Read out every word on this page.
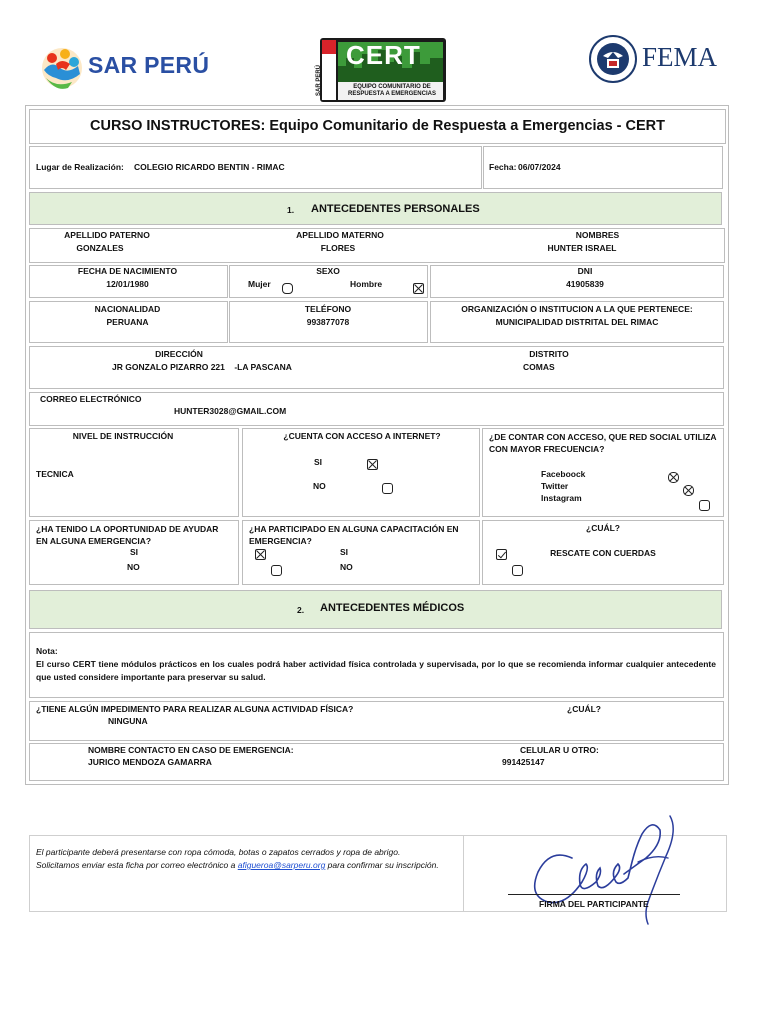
SAR PERÚ	CERT
EQUIPO COMUNITARIO DE
RESPUESTA A EMERGENCIAS
SAR PERÚ
FEMA
CURSO INSTRUCTORES: Equipo Comunitario de Respuesta a Emergencias - CERT
Lugar de Realización: COLEGIO RICARDO BENTIN - RIMAC	Fecha: 06/07/2024
1. ANTECEDENTES PERSONALES
APELLIDO PATERNO
GONZALES
APELLIDO MATERNO
FLORES
NOMBRES
HUNTER ISRAEL
FECHA DE NACIMIENTO
12/01/1980
SEXO
Mujer
	Hombre

DNI
41905839
NACIONALIDAD
PERUANA
TELÉFONO
993877078
ORGANIZACIÓN O INSTITUCION A LA QUE PERTENECE:
MUNICIPALIDAD DISTRITAL DEL RIMAC
DIRECCIÓN
JR GONZALO PIZARRO 221    -LA PASCANA
DISTRITO
COMAS
CORREO ELECTRÓNICO
HUNTER3028@GMAIL.COM
NIVEL DE INSTRUCCIÓN
TECNICA
¿CUENTA CON ACCESO A INTERNET?
SI

NO

¿DE CONTAR CON ACCESO, QUE RED SOCIAL UTILIZA
CON MAYOR FRECUENCIA?
Faceboock

Twitter

Instagram

¿HA TENIDO LA OPORTUNIDAD DE AYUDAR
EN ALGUNA EMERGENCIA?
SI

NO

¿HA PARTICIPADO EN ALGUNA CAPACITACIÓN EN
EMERGENCIA?
SI

NO
¿CUÁL?
RESCATE CON CUERDAS
2. ANTECEDENTES MÉDICOS
Nota:
El curso CERT tiene módulos prácticos en los cuales podrá haber actividad física controlada y supervisada, por lo que se recomienda informar cualquier antecedente que usted considere importante para preservar su salud.
¿TIENE ALGÚN IMPEDIMENTO PARA REALIZAR ALGUNA ACTIVIDAD FÍSICA?
NINGUNA
¿CUÁL?
NOMBRE CONTACTO EN CASO DE EMERGENCIA:
JURICO MENDOZA GAMARRA
CELULAR U OTRO:
991425147
El participante deberá presentarse con ropa cómoda, botas o zapatos cerrados y ropa de abrigo.
Solicitamos enviar esta ficha por correo electrónico a afigueroa@sarperu.org para confirmar su inscripción.
FIRMA DEL PARTICIPANTE
